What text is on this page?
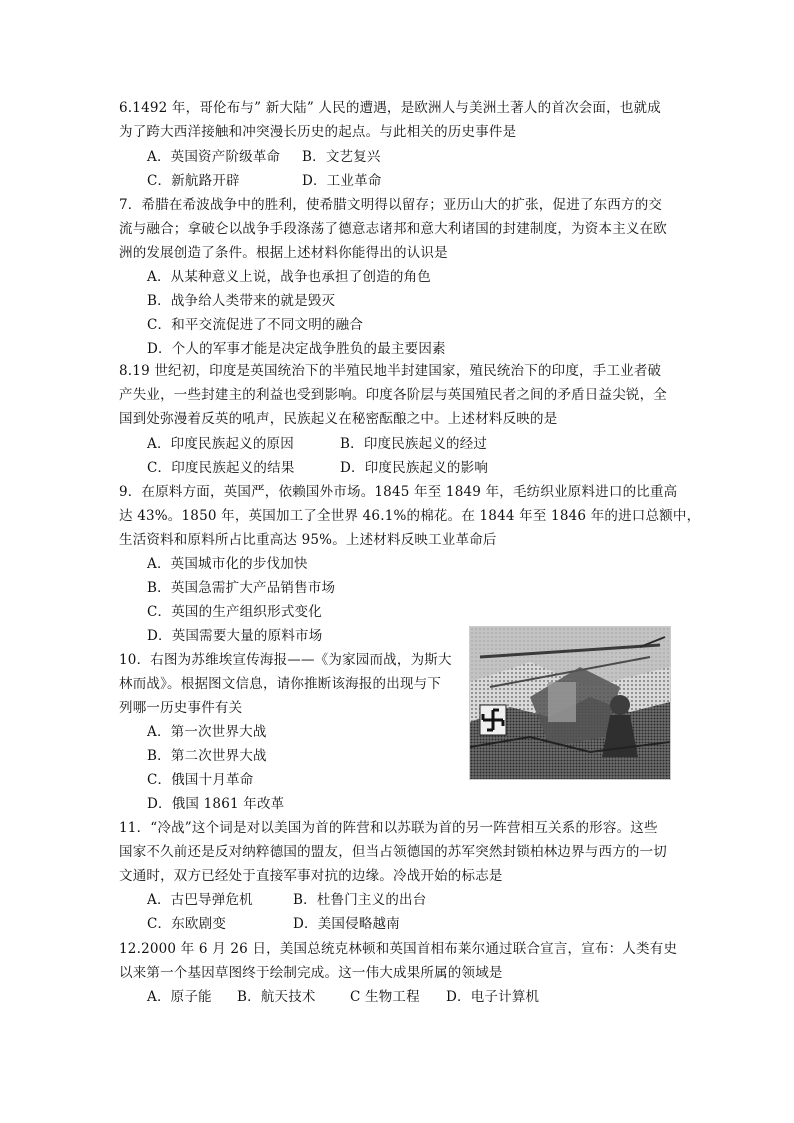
6.1492 年，哥伦布与” 新大陆” 人民的遭遇，是欧洲人与美洲土著人的首次会面，也就成
为了跨大西洋接触和冲突漫长历史的起点。与此相关的历史事件是
A．英国资产阶级革命 B．文艺复兴
C．新航路开辟	D．工业革命
7．希腊在希波战争中的胜利，使希腊文明得以留存；亚历山大的扩张，促进了东西方的交
流与融合；拿破仑以战争手段涤荡了德意志诸邦和意大利诸国的封建制度，为资本主义在欧
洲的发展创造了条件。根据上述材料你能得出的认识是
A．从某种意义上说，战争也承担了创造的角色
B．战争给人类带来的就是毁灭
C．和平交流促进了不同文明的融合
D．个人的军事才能是决定战争胜负的最主要因素
8.19 世纪初，印度是英国统治下的半殖民地半封建国家，殖民统治下的印度，手工业者破
产失业，一些封建主的利益也受到影响。印度各阶层与英国殖民者之间的矛盾日益尖锐，全
国到处弥漫着反英的吼声，民族起义在秘密酝酿之中。上述材料反映的是
A．印度民族起义的原因	B．印度民族起义的经过
C．印度民族起义的结果	D．印度民族起义的影响
9．在原料方面，英国严，依赖国外市场。1845 年至 1849 年，毛纺织业原料进口的比重高
达 43%。1850 年，英国加工了全世界 46.1%的棉花。在 1844 年至 1846 年的进口总额中，
生活资料和原料所占比重高达 95%。上述材料反映工业革命后
A．英国城市化的步伐加快
B．英国急需扩大产品销售市场
C．英国的生产组织形式变化
D．英国需要大量的原料市场
10．右图为苏维埃宣传海报——《为家园而战，为斯大
林而战》。根据图文信息，请你推断该海报的出现与下
列哪一历史事件有关
A．第一次世界大战
B．第二次世界大战
C．俄国十月革命
D．俄国 1861 年改革
11．“冷战”这个词是对以美国为首的阵营和以苏联为首的另一阵营相互关系的形容。这些
国家不久前还是反对纳粹德国的盟友，但当占领德国的苏军突然封锁柏林边界与西方的一切
文通时，双方已经处于直接军事对抗的边缘。冷战开始的标志是
A．古巴导弹危机	B．杜鲁门主义的出台
C．东欧剧变	D．美国侵略越南
12.2000 年 6 月 26 日，美国总统克林顿和英国首相布莱尔通过联合宣言，宣布：人类有史
以来第一个基因草图终于绘制完成。这一伟大成果所属的领域是
A．原子能 B．航天技术	C 生物工程 D．电子计算机
